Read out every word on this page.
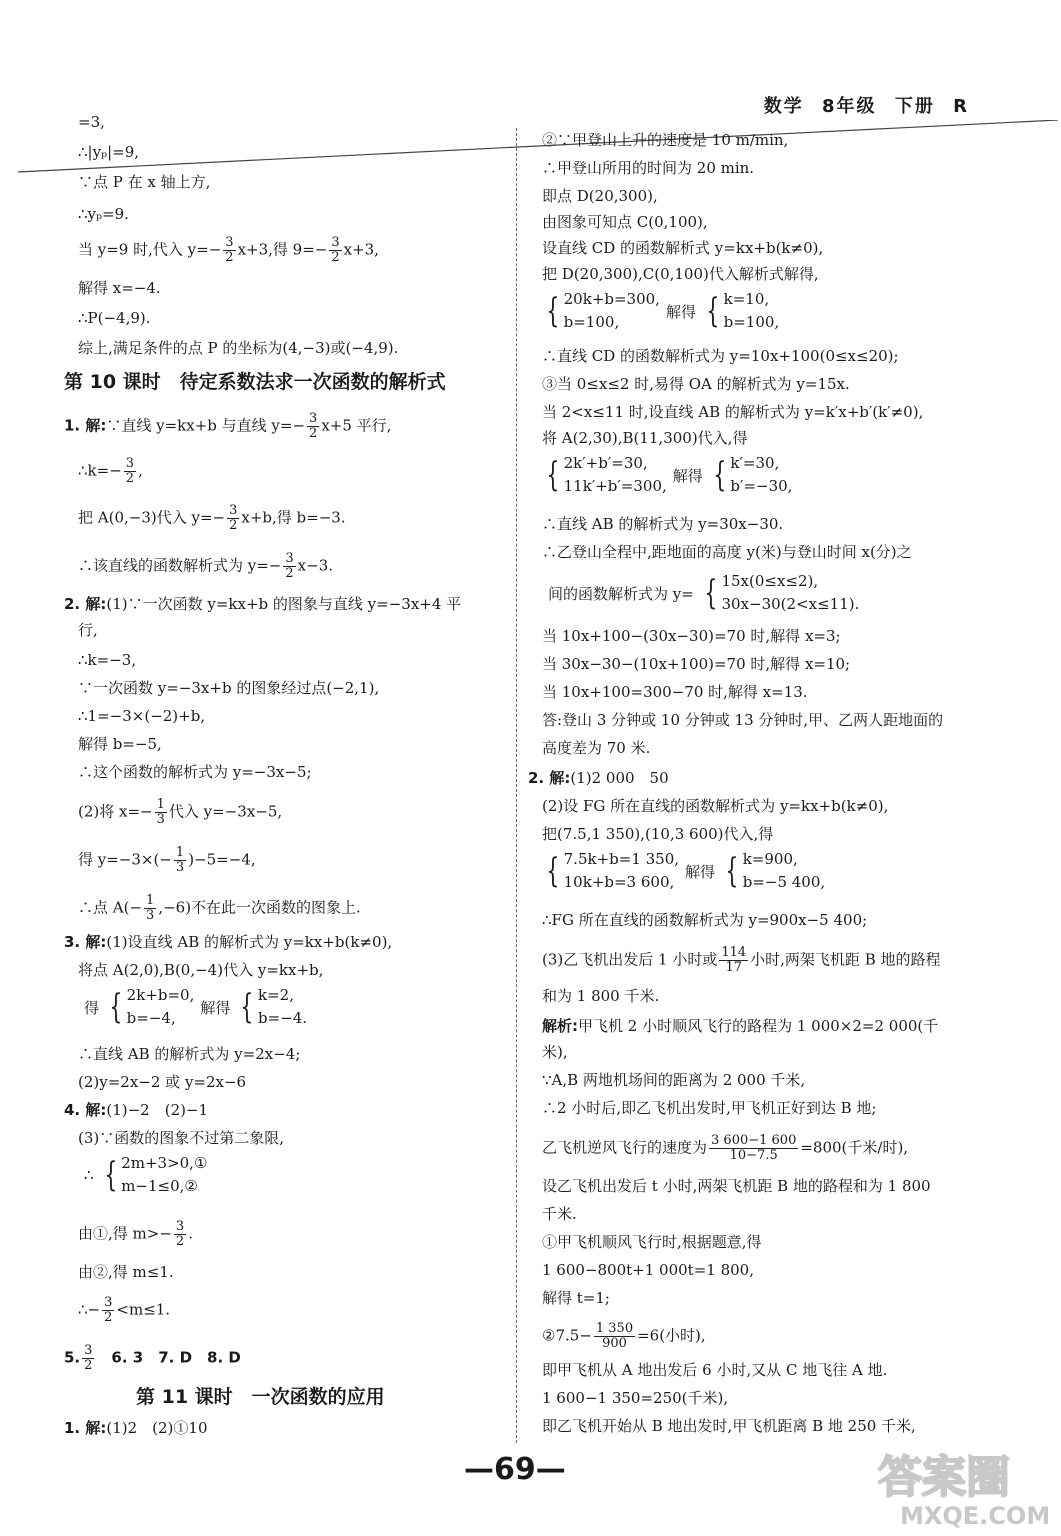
数学 8年级 下册 R
=3,
∴|yₚ|=9,
∵点 P 在 x 轴上方,
∴yₚ=9.
当 y=9 时,代入 $y=- \frac{3}{2} x+3$,得 $9=- \frac{3}{2} x+3$,
解得 x=−4.
∴P(−4,9).
综上,满足条件的点 P 的坐标为(4,−3)或(−4,9).
第 10 课时　待定系数法求一次函数的解析式
1. 解:∵直线 y=kx+b 与直线 $y=- \frac{3}{2} x+5$ 平行,
∴k=− $\frac{3}{2}$ ,
把 A(0,−3)代入 $y=- \frac{3}{2} x+b$,得 b=−3.
∴该直线的函数解析式为 $y=- \frac{3}{2} x-3$.
2. 解:(1)∵一次函数 y=kx+b 的图象与直线 y=−3x+4 平
行,
∴k=−3,
∵一次函数 y=−3x+b 的图象经过点(−2,1),
∴1=−3×(−2)+b,
解得 b=−5,
∴这个函数的解析式为 y=−3x−5;
(2)将 $x=- \frac{1}{3}$ 代入 y=−3x−5,
得 $y=-3\times(- \frac{1}{3} )-5=-4$,
∴点 $A(- \frac{1}{3} ,-6)$不在此一次函数的图象上.
3. 解:(1)设直线 AB 的解析式为 y=kx+b(k≠0),
将点 A(2,0),B(0,−4)代入 y=kx+b,
得 { 2k+b=0,
b=−4,
解得 { k=2,
b=−4.
∴直线 AB 的解析式为 y=2x−4;
(2)y=2x−2 或 y=2x−6
4. 解:(1)−2　(2)−1
(3)∵函数的图象不过第二象限,
∴ { 2m+3>0,①
m−1≤0,②
由①,得 $m>- \frac{3}{2}$ .
由②,得 m≤1.
∴− $\frac{3}{2} <m\le 1$.
5. $\frac{3}{2}$ 　6. 3　7. D　8. D
第 11 课时　一次函数的应用
1. 解:(1)2　(2)①10
②∵甲登山上升的速度是 10 m/min,
∴甲登山所用的时间为 20 min.
即点 D(20,300),
由图象可知点 C(0,100),
设直线 CD 的函数解析式 y=kx+b(k≠0),
把 D(20,300),C(0,100)代入解析式解得,
{ 20k+b=300,
b=100,
解得 { k=10,
b=100,
∴直线 CD 的函数解析式为 y=10x+100(0≤x≤20);
③当 0≤x≤2 时,易得 OA 的解析式为 y=15x.
当 2<x≤11 时,设直线 AB 的解析式为 y=k′x+b′(k′≠0),
将 A(2,30),B(11,300)代入,得
{ 2k′+b′=30,
11k′+b′=300,
解得 { k′=30,
b′=−30,
∴直线 AB 的解析式为 y=30x−30.
∴乙登山全程中,距地面的高度 y(米)与登山时间 x(分)之
间的函数解析式为 y= { 15x(0≤x≤2),
30x−30(2<x≤11).
当 10x+100−(30x−30)=70 时,解得 x=3;
当 30x−30−(10x+100)=70 时,解得 x=10;
当 10x+100=300−70 时,解得 x=13.
答:登山 3 分钟或 10 分钟或 13 分钟时,甲、乙两人距地面的
高度差为 70 米.
2. 解:(1)2 000　50
(2)设 FG 所在直线的函数解析式为 y=kx+b(k≠0),
把(7.5,1 350),(10,3 600)代入,得
{ 7.5k+b=1 350,
10k+b=3 600,
解得 { k=900,
b=−5 400,
∴FG 所在直线的函数解析式为 y=900x−5 400;
(3)乙飞机出发后 1 小时或 $\frac{114}{17}$ 小时,两架飞机距 B 地的路程
和为 1 800 千米.
解析:甲飞机 2 小时顺风飞行的路程为 1 000×2=2 000(千
米),
∵A,B 两地机场间的距离为 2 000 千米,
∴2 小时后,即乙飞机出发时,甲飞机正好到达 B 地;
乙飞机逆风飞行的速度为 $\frac{3 600-1 600}{10-7.5} =800$(千米/时),
设乙飞机出发后 t 小时,两架飞机距 B 地的路程和为 1 800
千米.
①甲飞机顺风飞行时,根据题意,得
1 600−800t+1 000t=1 800,
解得 t=1;
②7.5− $\frac{1 350}{900} =6$(小时),
即甲飞机从 A 地出发后 6 小时,又从 C 地飞往 A 地.
1 600−1 350=250(千米),
即乙飞机开始从 B 地出发时,甲飞机距离 B 地 250 千米,
—69—	答案圈
MXQE.COM
